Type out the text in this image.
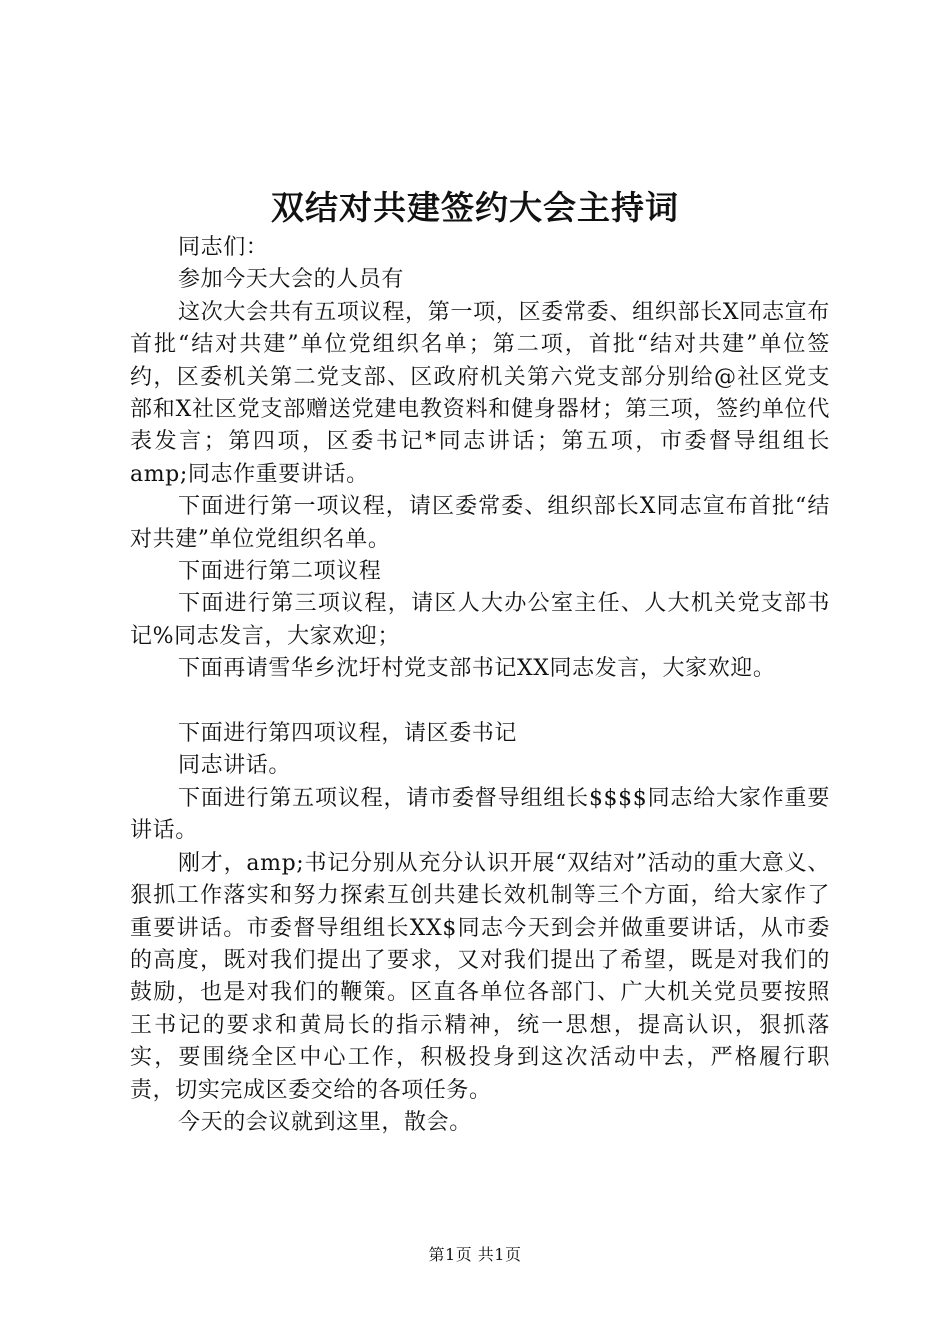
双结对共建签约大会主持词

同志们：

参加今天大会的人员有

这次大会共有五项议程，第一项，区委常委、组织部长X同志宣布首批“结对共建”单位党组织名单；第二项，首批“结对共建”单位签约，区委机关第二党支部、区政府机关第六党支部分别给@社区党支部和X社区党支部赠送党建电教资料和健身器材；第三项，签约单位代表发言；第四项，区委书记*同志讲话；第五项，市委督导组组长amp;同志作重要讲话。

下面进行第一项议程，请区委常委、组织部长X同志宣布首批“结对共建”单位党组织名单。

下面进行第二项议程

下面进行第三项议程，请区人大办公室主任、人大机关党支部书记%同志发言，大家欢迎；

下面再请雪华乡沈圩村党支部书记XX同志发言，大家欢迎。

下面进行第四项议程，请区委书记

同志讲话。

下面进行第五项议程，请市委督导组组长$$$$同志给大家作重要讲话。

刚才，amp;书记分别从充分认识开展“双结对”活动的重大意义、狠抓工作落实和努力探索互创共建长效机制等三个方面，给大家作了重要讲话。市委督导组组长XX$同志今天到会并做重要讲话，从市委的高度，既对我们提出了要求，又对我们提出了希望，既是对我们的鼓励，也是对我们的鞭策。区直各单位各部门、广大机关党员要按照王书记的要求和黄局长的指示精神，统一思想，提高认识，狠抓落实，要围绕全区中心工作，积极投身到这次活动中去，严格履行职责，切实完成区委交给的各项任务。

今天的会议就到这里，散会。

第1页 共1页
